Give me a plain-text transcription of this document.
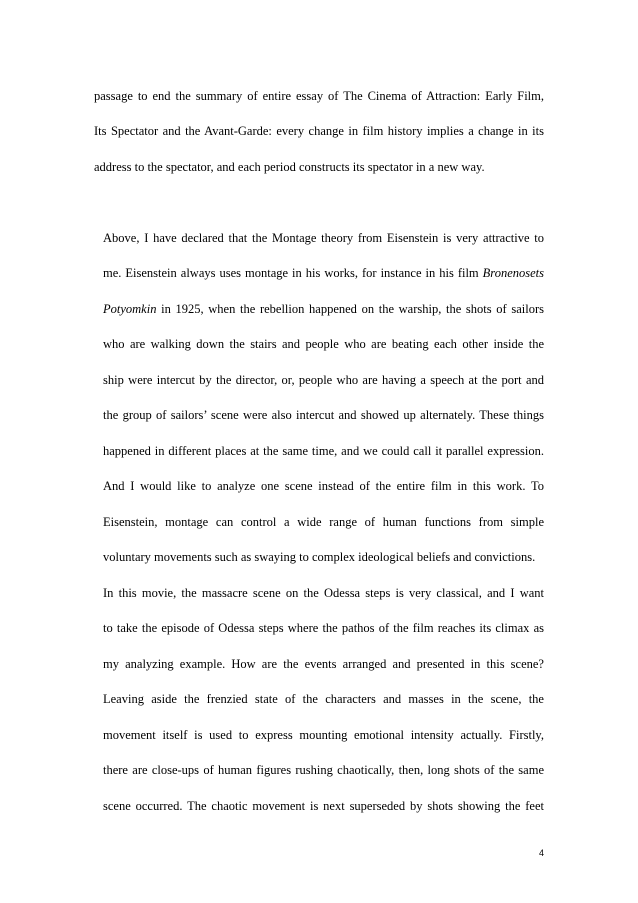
passage to end the summary of entire essay of The Cinema of Attraction: Early Film,
Its Spectator and the Avant-Garde: every change in film history implies a change in its
address to the spectator, and each period constructs its spectator in a new way.

Above, I have declared that the Montage theory from Eisenstein is very attractive to
me. Eisenstein always uses montage in his works, for instance in his film Bronenosets
Potyomkin in 1925, when the rebellion happened on the warship, the shots of sailors
who are walking down the stairs and people who are beating each other inside the
ship were intercut by the director, or, people who are having a speech at the port and
the group of sailors’ scene were also intercut and showed up alternately. These things
happened in different places at the same time, and we could call it parallel expression.
And I would like to analyze one scene instead of the entire film in this work. To
Eisenstein, montage can control a wide range of human functions from simple
voluntary movements such as swaying to complex ideological beliefs and convictions.

In this movie, the massacre scene on the Odessa steps is very classical, and I want
to take the episode of Odessa steps where the pathos of the film reaches its climax as
my analyzing example. How are the events arranged and presented in this scene?
Leaving aside the frenzied state of the characters and masses in the scene, the
movement itself is used to express mounting emotional intensity actually. Firstly,
there are close-ups of human figures rushing chaotically, then, long shots of the same
scene occurred. The chaotic movement is next superseded by shots showing the feet

4
